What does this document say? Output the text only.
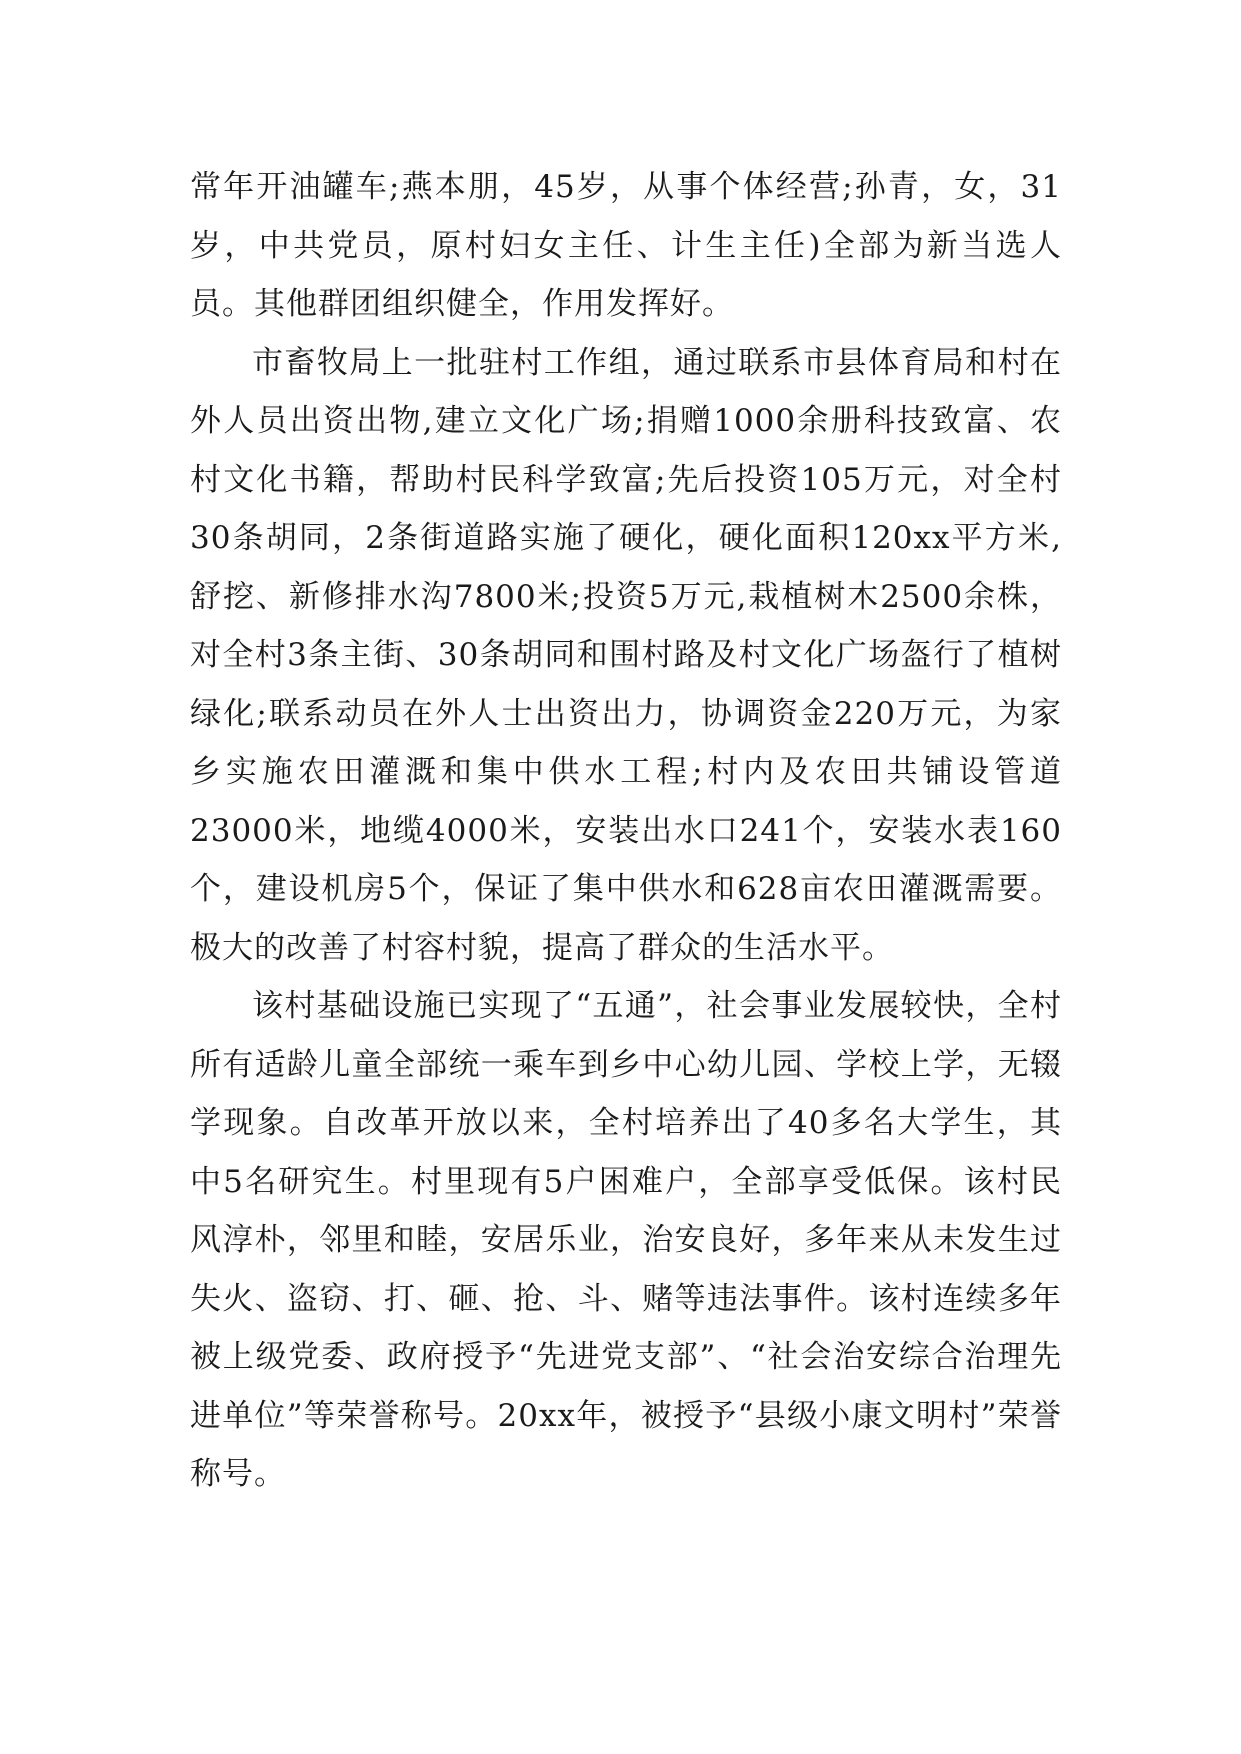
常年开油罐车;燕本朋，45岁，从事个体经营;孙青，女，31岁，中共党员，原村妇女主任、计生主任)全部为新当选人员。其他群团组织健全，作用发挥好。

市畜牧局上一批驻村工作组，通过联系市县体育局和村在外人员出资出物,建立文化广场;捐赠1000余册科技致富、农村文化书籍，帮助村民科学致富;先后投资105万元，对全村30条胡同，2条街道路实施了硬化，硬化面积120xx平方米,舒挖、新修排水沟7800米;投资5万元,栽植树木2500余株，对全村3条主街、30条胡同和围村路及村文化广场盔行了植树绿化;联系动员在外人士出资出力，协调资金220万元，为家乡实施农田灌溉和集中供水工程;村内及农田共铺设管道23000米，地缆4000米，安装出水口241个，安装水表160个，建设机房5个，保证了集中供水和628亩农田灌溉需要。极大的改善了村容村貌，提高了群众的生活水平。

该村基础设施已实现了“五通”，社会事业发展较快，全村所有适龄儿童全部统一乘车到乡中心幼儿园、学校上学，无辍学现象。自改革开放以来，全村培养出了40多名大学生，其中5名研究生。村里现有5户困难户，全部享受低保。该村民风淳朴，邻里和睦，安居乐业，治安良好，多年来从未发生过失火、盗窃、打、砸、抢、斗、赌等违法事件。该村连续多年被上级党委、政府授予“先进党支部”、“社会治安综合治理先进单位”等荣誉称号。20xx年，被授予“县级小康文明村”荣誉称号。
